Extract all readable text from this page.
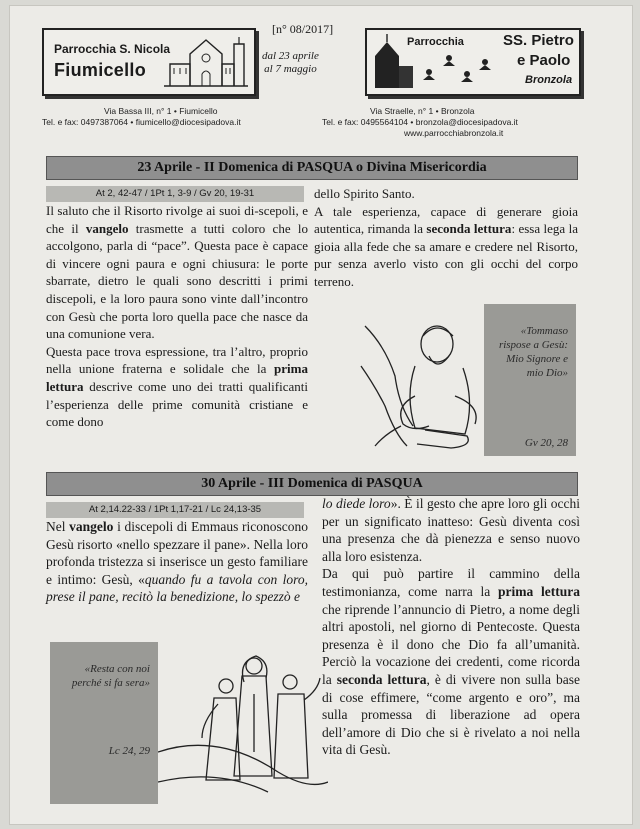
Parrocchia S. Nicola
Fiumicello
[n° 08/2017]
dal 23 aprile
al 7 maggio
Parrocchia	SS. Pietro
e Paolo
Bronzola
Via Bassa III, n° 1 • Fiumicello
Tel. e fax: 0497387064 • fiumicello@diocesipadova.it
Via Straelle, n° 1 • Bronzola
Tel. e fax: 0495564104 • bronzola@diocesipadova.it
www.parrocchiabronzola.it
23 Aprile - II Domenica di PASQUA o Divina Misericordia
At 2, 42-47 / 1Pt 1, 3-9 / Gv 20, 19-31

Il saluto che il Risorto rivolge ai suoi di-scepoli, e che il vangelo trasmette a tutti coloro che lo accolgono, parla di “pace”. Questa pace è capace di vincere ogni paura e ogni chiusura: le porte sbarrate, dietro le quali sono descritti i primi discepoli, e la loro paura sono vinte dall’incontro con Gesù che porta loro quella pace che nasce da una comunione vera.

Questa pace trova espressione, tra l’altro, proprio nella unione fraterna e solidale che la prima lettura descrive come uno dei tratti qualificanti l’esperienza delle prime comunità cristiane e come dono

dello Spirito Santo.

A tale esperienza, capace di generare gioia autentica, rimanda la seconda lettura: essa lega la gioia alla fede che sa amare e credere nel Risorto, pur senza averlo visto con gli occhi del corpo terreno.

«Tommaso rispose a Gesù: Mio Signore e mio Dio»
Gv 20, 28
30 Aprile - III Domenica di PASQUA
At 2,14.22-33 / 1Pt 1,17-21 / Lc 24,13-35

Nel vangelo i discepoli di Emmaus riconoscono Gesù risorto «nello spezzare il pane». Nella loro profonda tristezza si inserisce un gesto familiare e intimo: Gesù, «quando fu a tavola con loro, prese il pane, recitò la benedizione, lo spezzò e

lo diede loro». È il gesto che apre loro gli occhi per un significato inatteso: Gesù diventa così una presenza che dà pienezza e senso nuovo alla loro esistenza.

Da qui può partire il cammino della testimonianza, come narra la prima lettura che riprende l’annuncio di Pietro, a nome degli altri apostoli, nel giorno di Pentecoste. Questa presenza è il dono che Dio fa all’umanità. Perciò la vocazione dei credenti, come ricorda la seconda lettura, è di vivere non sulla base di cose effimere, “come argento e oro”, ma sulla promessa di liberazione ad opera dell’amore di Dio che si è rivelato a noi nella vita di Gesù.

«Resta con noi perché si fa sera»
Lc 24, 29
